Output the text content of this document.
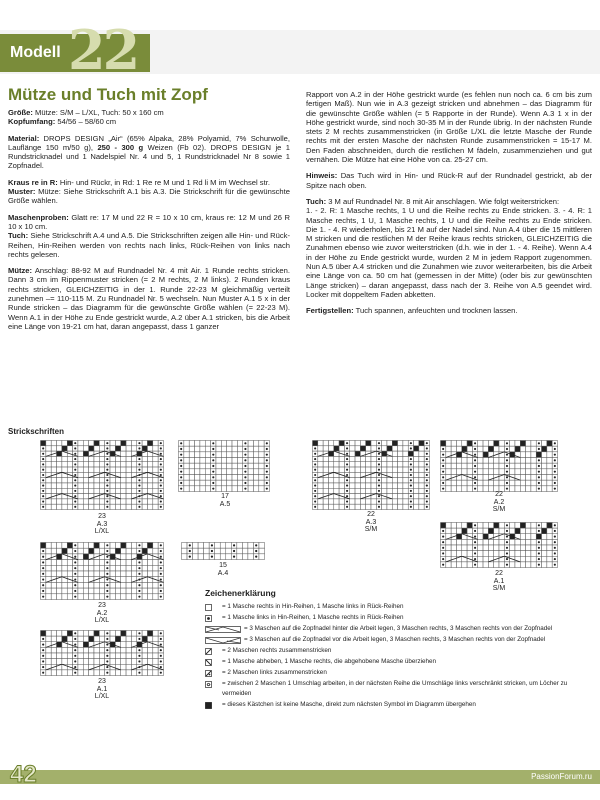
Modell 22
Mütze und Tuch mit Zopf

Größe: Mütze: S/M – L/XL, Tuch: 50 x 160 cm

Kopfumfang: 54/56 – 58/60 cm

Material: DROPS DESIGN „Air“ (65% Alpaka, 28% Polyamid, 7% Schurwolle, Lauflänge 150 m/50 g), 250 - 300 g Weizen (Fb 02). DROPS DESIGN je 1 Rundstricknadel und 1 Nadelspiel Nr. 4 und 5, 1 Rundstricknadel Nr 8 sowie 1 Zopfnadel.

Kraus re in R: Hin- und Rückr, in Rd: 1 Re re M und 1 Rd li M im Wechsel str.

Muster: Mütze: Siehe Strickschrift A.1 bis A.3. Die Strickschrift für die gewünschte Größe wählen.

Maschenproben: Glatt re: 17 M und 22 R = 10 x 10 cm, kraus re: 12 M und 26 R 10 x 10 cm.

Tuch: Siehe Strickschrift A.4 und A.5. Die Strickschriften zeigen alle Hin- und Rück-Reihen, Hin-Reihen werden von rechts nach links, Rück-Reihen von links nach rechts gelesen.

Mütze: Anschlag: 88-92 M auf Rundnadel Nr. 4 mit Air. 1 Runde rechts stricken. Dann 3 cm im Rippenmuster stricken (= 2 M rechts, 2 M links). 2 Runden kraus rechts stricken, GLEICHZEITIG in der 1. Runde 22-23 M gleichmäßig verteilt zunehmen –= 110-115 M. Zu Rundnadel Nr. 5 wechseln. Nun Muster A.1 5 x in der Runde stricken – das Diagramm für die gewünschte Größe wählen (= 22-23 M). Wenn A.1 in der Höhe zu Ende gestrickt wurde, A.2 über A.1 stricken, bis die Arbeit eine Länge von 19-21 cm hat, daran angepasst, dass 1 ganzer

Rapport von A.2 in der Höhe gestrickt wurde (es fehlen nun noch ca. 6 cm bis zum fertigen Maß). Nun wie in A.3 gezeigt stricken und abnehmen – das Diagramm für die gewünschte Größe wählen (= 5 Rapporte in der Runde). Wenn A.3 1 x in der Höhe gestrickt wurde, sind noch 30-35 M in der Runde übrig. In der nächsten Runde stets 2 M rechts zusammenstricken (in Größe L/XL die letzte Masche der Runde rechts mit der ersten Masche der nächsten Runde zusammenstricken = 15-17 M. Den Faden abschneiden, durch die restlichen M fädeln, zusammenziehen und gut vernähen. Die Mütze hat eine Höhe von ca. 25-27 cm.

Hinweis: Das Tuch wird in Hin- und Rück-R auf der Rundnadel gestrickt, ab der Spitze nach oben.

Tuch: 3 M auf Rundnadel Nr. 8 mit Air anschlagen. Wie folgt weiterstricken:

1. - 2. R: 1 Masche rechts, 1 U und die Reihe rechts zu Ende stricken. 3. - 4. R: 1 Masche rechts, 1 U, 1 Masche rechts, 1 U und die Reihe rechts zu Ende stricken. Die 1. - 4. R wiederholen, bis 21 M auf der Nadel sind. Nun A.4 über die 15 mittleren M stricken und die restlichen M der Reihe kraus rechts stricken, GLEICHZEITIG die Zunahmen ebenso wie zuvor weiterstricken (d.h. wie in der 1. - 4. Reihe). Wenn A.4 in der Höhe zu Ende gestrickt wurde, wurden 2 M in jedem Rapport zugenommen. Nun A.5 über A.4 stricken und die Zunahmen wie zuvor weiterarbeiten, bis die Arbeit eine Länge von ca. 50 cm hat (gemessen in der Mitte) (oder bis zur gewünschten Länge stricken) – daran angepasst, dass nach der 3. Reihe von A.5 geendet wird. Locker mit doppeltem Faden abketten.

Fertigstellen: Tuch spannen, anfeuchten und trocknen lassen.

Strickschriften
23
A.3
L/XL
23
A.2
L/XL
23
A.1
L/XL
17
A.5
15
A.4
22
A.3
S/M
22
A.2
S/M
22
A.1
S/M
Zeichenerklärung
= 1 Masche rechts in Hin-Reihen, 1 Masche links in Rück-Reihen
= 1 Masche links in Hin-Reihen, 1 Masche rechts in Rück-Reihen
= 3 Maschen auf die Zopfnadel hinter die Arbeit legen, 3 Maschen rechts, 3 Maschen rechts von der Zopfnadel
= 3 Maschen auf die Zopfnadel vor die Arbeit legen, 3 Maschen rechts, 3 Maschen rechts von der Zopfnadel
= 2 Maschen rechts zusammenstricken
= 1 Masche abheben, 1 Masche rechts, die abgehobene Masche überziehen
= 2 Maschen links zusammenstricken
= zwischen 2 Maschen 1 Umschlag arbeiten, in der nächsten Reihe die Umschläge links verschränkt stricken, um Löcher zu vermeiden
= dieses Kästchen ist keine Masche, direkt zum nächsten Symbol im Diagramm übergehen
42	PassionForum.ru
